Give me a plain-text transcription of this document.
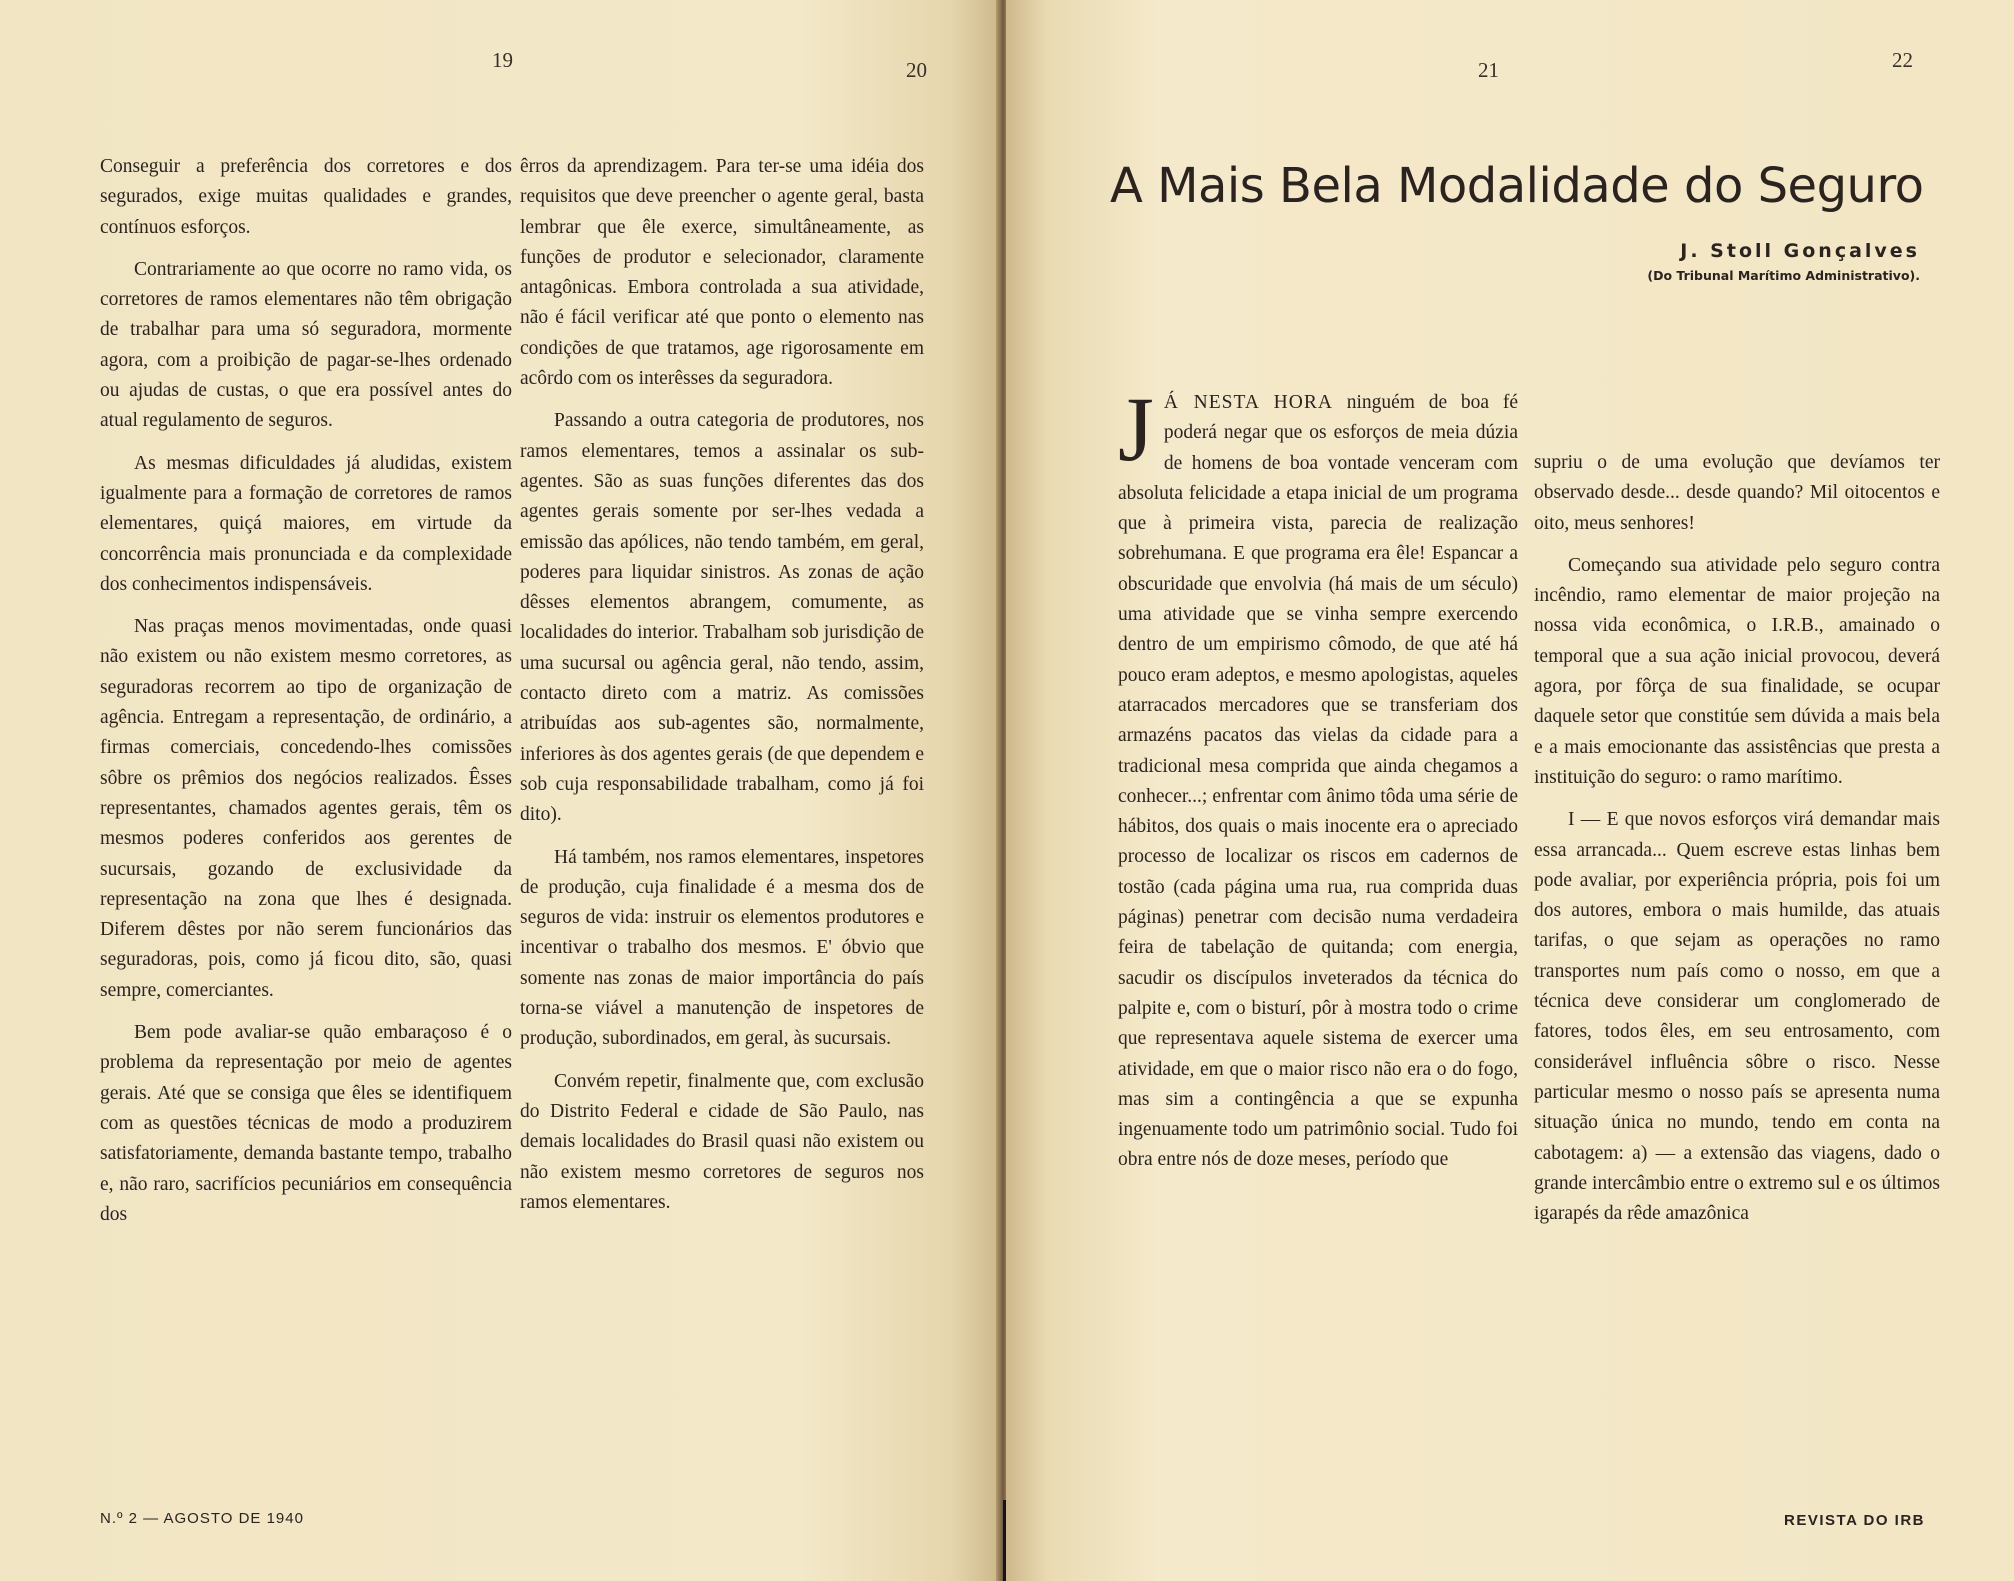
19	20

Conseguir a preferência dos corretores e dos segurados, exige muitas qualidades e grandes, contínuos esforços.

Contrariamente ao que ocorre no ramo vida, os corretores de ramos elementares não têm obrigação de trabalhar para uma só seguradora, mormente agora, com a proibição de pagar-se-lhes ordenado ou ajudas de custas, o que era possível antes do atual regulamento de seguros.

As mesmas dificuldades já aludidas, existem igualmente para a formação de corretores de ramos elementares, quiçá maiores, em virtude da concorrência mais pronunciada e da complexidade dos conhecimentos indispensáveis.

Nas praças menos movimentadas, onde quasi não existem ou não existem mesmo corretores, as seguradoras recorrem ao tipo de organização de agência. Entregam a representação, de ordinário, a firmas comerciais, concedendo-lhes comissões sôbre os prêmios dos negócios realizados. Êsses representantes, chamados agentes gerais, têm os mesmos poderes conferidos aos gerentes de sucursais, gozando de exclusividade da representação na zona que lhes é designada. Diferem dêstes por não serem funcionários das seguradoras, pois, como já ficou dito, são, quasi sempre, comerciantes.

Bem pode avaliar-se quão embaraçoso é o problema da representação por meio de agentes gerais. Até que se consiga que êles se identifiquem com as questões técnicas de modo a produzirem satisfatoriamente, demanda bastante tempo, trabalho e, não raro, sacrifícios pecuniários em consequência dos

êrros da aprendizagem. Para ter-se uma idéia dos requisitos que deve preencher o agente geral, basta lembrar que êle exerce, simultâneamente, as funções de produtor e selecionador, claramente antagônicas. Embora controlada a sua atividade, não é fácil verificar até que ponto o elemento nas condições de que tratamos, age rigorosamente em acôrdo com os interêsses da seguradora.

Passando a outra categoria de produtores, nos ramos elementares, temos a assinalar os sub-agentes. São as suas funções diferentes das dos agentes gerais somente por ser-lhes vedada a emissão das apólices, não tendo também, em geral, poderes para liquidar sinistros. As zonas de ação dêsses elementos abrangem, comumente, as localidades do interior. Trabalham sob jurisdição de uma sucursal ou agência geral, não tendo, assim, contacto direto com a matriz. As comissões atribuídas aos sub-agentes são, normalmente, inferiores às dos agentes gerais (de que dependem e sob cuja responsabilidade trabalham, como já foi dito).

Há também, nos ramos elementares, inspetores de produção, cuja finalidade é a mesma dos de seguros de vida: instruir os elementos produtores e incentivar o trabalho dos mesmos. E' óbvio que somente nas zonas de maior importância do país torna-se viável a manutenção de inspetores de produção, subordinados, em geral, às sucursais.

Convém repetir, finalmente que, com exclusão do Distrito Federal e cidade de São Paulo, nas demais localidades do Brasil quasi não existem ou não existem mesmo corretores de seguros nos ramos elementares.

N.º 2 — AGOSTO DE 1940
21	22
A Mais Bela Modalidade do Seguro
J. Stoll Gonçalves
(Do Tribunal Marítimo Administrativo).

J Á NESTA HORA ninguém de boa fé poderá negar que os esforços de meia dúzia de homens de boa vontade venceram com absoluta felicidade a etapa inicial de um programa que à primeira vista, parecia de realização sobrehumana. E que programa era êle! Espancar a obscuridade que envolvia (há mais de um século) uma atividade que se vinha sempre exercendo dentro de um empirismo cômodo, de que até há pouco eram adeptos, e mesmo apologistas, aqueles atarracados mercadores que se transferiam dos armazéns pacatos das vielas da cidade para a tradicional mesa comprida que ainda chegamos a conhecer...; enfrentar com ânimo tôda uma série de hábitos, dos quais o mais inocente era o apreciado processo de localizar os riscos em cadernos de tostão (cada página uma rua, rua comprida duas páginas) penetrar com decisão numa verdadeira feira de tabelação de quitanda; com energia, sacudir os discípulos inveterados da técnica do palpite e, com o bisturí, pôr à mostra todo o crime que representava aquele sistema de exercer uma atividade, em que o maior risco não era o do fogo, mas sim a contingência a que se expunha ingenuamente todo um patrimônio social. Tudo foi obra entre nós de doze meses, período que

supriu o de uma evolução que devíamos ter observado desde... desde quando? Mil oitocentos e oito, meus senhores!

Começando sua atividade pelo seguro contra incêndio, ramo elementar de maior projeção na nossa vida econômica, o I.R.B., amainado o temporal que a sua ação inicial provocou, deverá agora, por fôrça de sua finalidade, se ocupar daquele setor que constitúe sem dúvida a mais bela e a mais emocionante das assistências que presta a instituição do seguro: o ramo marítimo.

I — E que novos esforços virá demandar mais essa arrancada... Quem escreve estas linhas bem pode avaliar, por experiência própria, pois foi um dos autores, embora o mais humilde, das atuais tarifas, o que sejam as operações no ramo transportes num país como o nosso, em que a técnica deve considerar um conglomerado de fatores, todos êles, em seu entrosamento, com considerável influência sôbre o risco. Nesse particular mesmo o nosso país se apresenta numa situação única no mundo, tendo em conta na cabotagem: a) — a extensão das viagens, dado o grande intercâmbio entre o extremo sul e os últimos igarapés da rêde amazônica

REVISTA DO IRB
